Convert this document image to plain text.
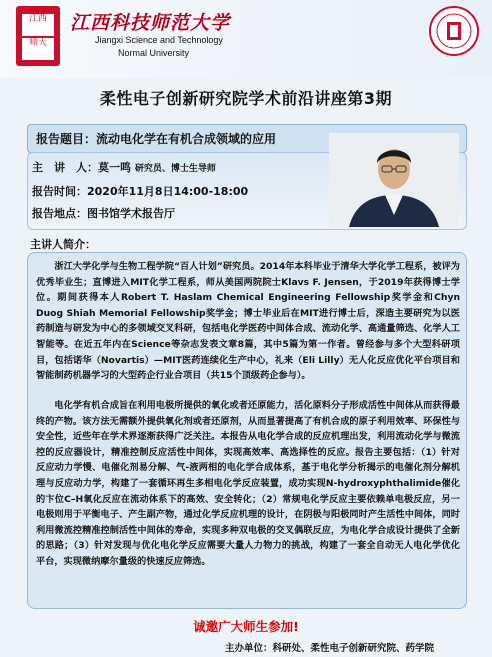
江西
师大
江西科技师范大学
Jiangxi Science and Technology
Normal University
柔性电子创新研究院学术前沿讲座第3期
报告题目：流动电化学在有机合成领域的应用
主　讲　人：莫一鸣 研究员、博士生导师
报告时间：2020年11月8日14:00-18:00
报告地点：图书馆学术报告厅
主讲人简介：
浙江大学化学与生物工程学院“百人计划”研究员。2014年本科毕业于清华大学化学工程系，被评为优秀毕业生；直博进入MIT化学工程系，师从美国两院院士Klavs F. Jensen，于2019年获得博士学位。期间获得本人Robert T. Haslam Chemical Engineering Fellowship奖学金和Chyn Duog Shiah Memorial Fellowship奖学金；博士毕业后在MIT进行博士后，深造主要研究为以医药制造与研发为中心的多领域交叉科研，包括电化学医药中间体合成、流动化学、高通量筛选、化学人工智能等。在近五年内在Science等杂志发表文章8篇，其中5篇为第一作者。曾经参与多个大型科研项目，包括诺华（Novartis）—MIT医药连续化生产中心，礼来（Eli Lilly）无人化反应优化平台项目和智能制药机器学习的大型药企行业合项目（共15个顶级药企参与）。
电化学有机合成旨在利用电极所提供的氧化或者还原能力，活化原料分子形成活性中间体从而获得最终的产物。该方法无需额外提供氧化剂或者还原剂，从而显著提高了有机合成的原子利用效率、环保性与安全性，近些年在学术界逐渐获得广泛关注。本报告从电化学合成的反应机理出发，利用流动化学与微流控的反应器设计，精准控制反应活性中间体，实现高效率、高选择性的反应。报告主要包括：（1）针对反应动力学慢、电催化剂易分解、气-液两相的电化学合成体系，基于电化学分析揭示的电催化剂分解机理与反应动力学，构建了一套循环再生多相电化学反应装置，成功实现N-hydroxyphthalimide催化的卞位C–H氧化反应在流动体系下的高效、安全转化；（2）常规电化学反应主要依赖单电极反应，另一电极则用于平衡电子、产生副产物，通过化学反应机理的设计，在阴极与阳极同时产生活性中间体，同时利用微流控精准控制活性中间体的寿命，实现多种双电极的交叉偶联反应，为电化学合成设计提供了全新的思路；（3）针对发现与优化电化学反应需要大量人力物力的挑战，构建了一套全自动无人电化学优化平台，实现微纳摩尔量级的快速反应筛选。
诚邀广大师生参加!
主办单位：科研处、柔性电子创新研究院、药学院
